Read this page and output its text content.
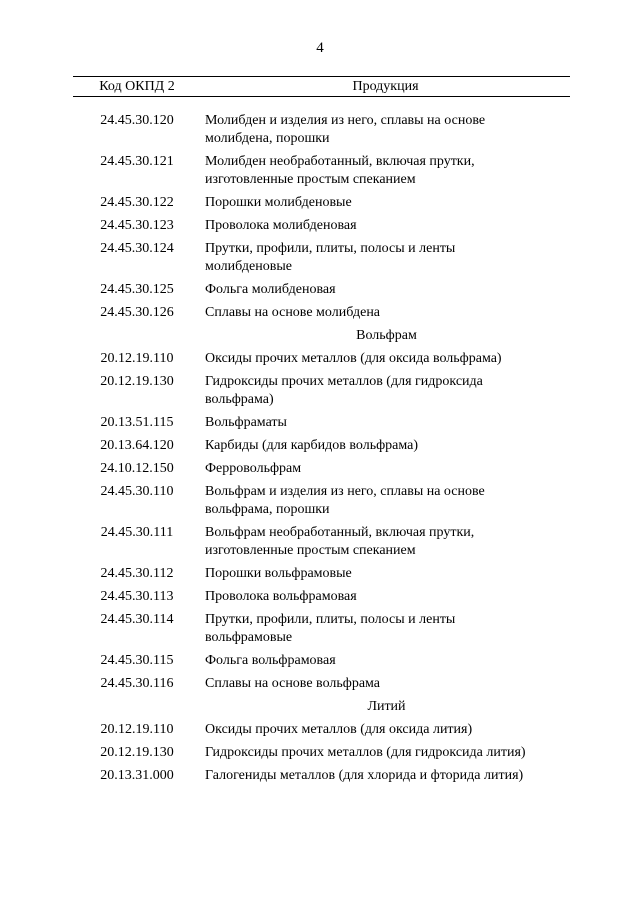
4
Код ОКПД 2	Продукция
24.45.30.120	Молибден и изделия из него, сплавы на основе
молибдена, порошки
24.45.30.121	Молибден необработанный, включая прутки,
изготовленные простым спеканием
24.45.30.122	Порошки молибденовые
24.45.30.123	Проволока молибденовая
24.45.30.124	Прутки, профили, плиты, полосы и ленты
молибденовые
24.45.30.125	Фольга молибденовая
24.45.30.126	Сплавы на основе молибдена
Вольфрам
20.12.19.110	Оксиды прочих металлов (для оксида вольфрама)
20.12.19.130	Гидроксиды прочих металлов (для гидроксида
вольфрама)
20.13.51.115	Вольфраматы
20.13.64.120	Карбиды (для карбидов вольфрама)
24.10.12.150	Ферровольфрам
24.45.30.110	Вольфрам и изделия из него, сплавы на основе
вольфрама, порошки
24.45.30.111	Вольфрам необработанный, включая прутки,
изготовленные простым спеканием
24.45.30.112	Порошки вольфрамовые
24.45.30.113	Проволока вольфрамовая
24.45.30.114	Прутки, профили, плиты, полосы и ленты
вольфрамовые
24.45.30.115	Фольга вольфрамовая
24.45.30.116	Сплавы на основе вольфрама
Литий
20.12.19.110	Оксиды прочих металлов (для оксида лития)
20.12.19.130	Гидроксиды прочих металлов (для гидроксида лития)
20.13.31.000	Галогениды металлов (для хлорида и фторида лития)
